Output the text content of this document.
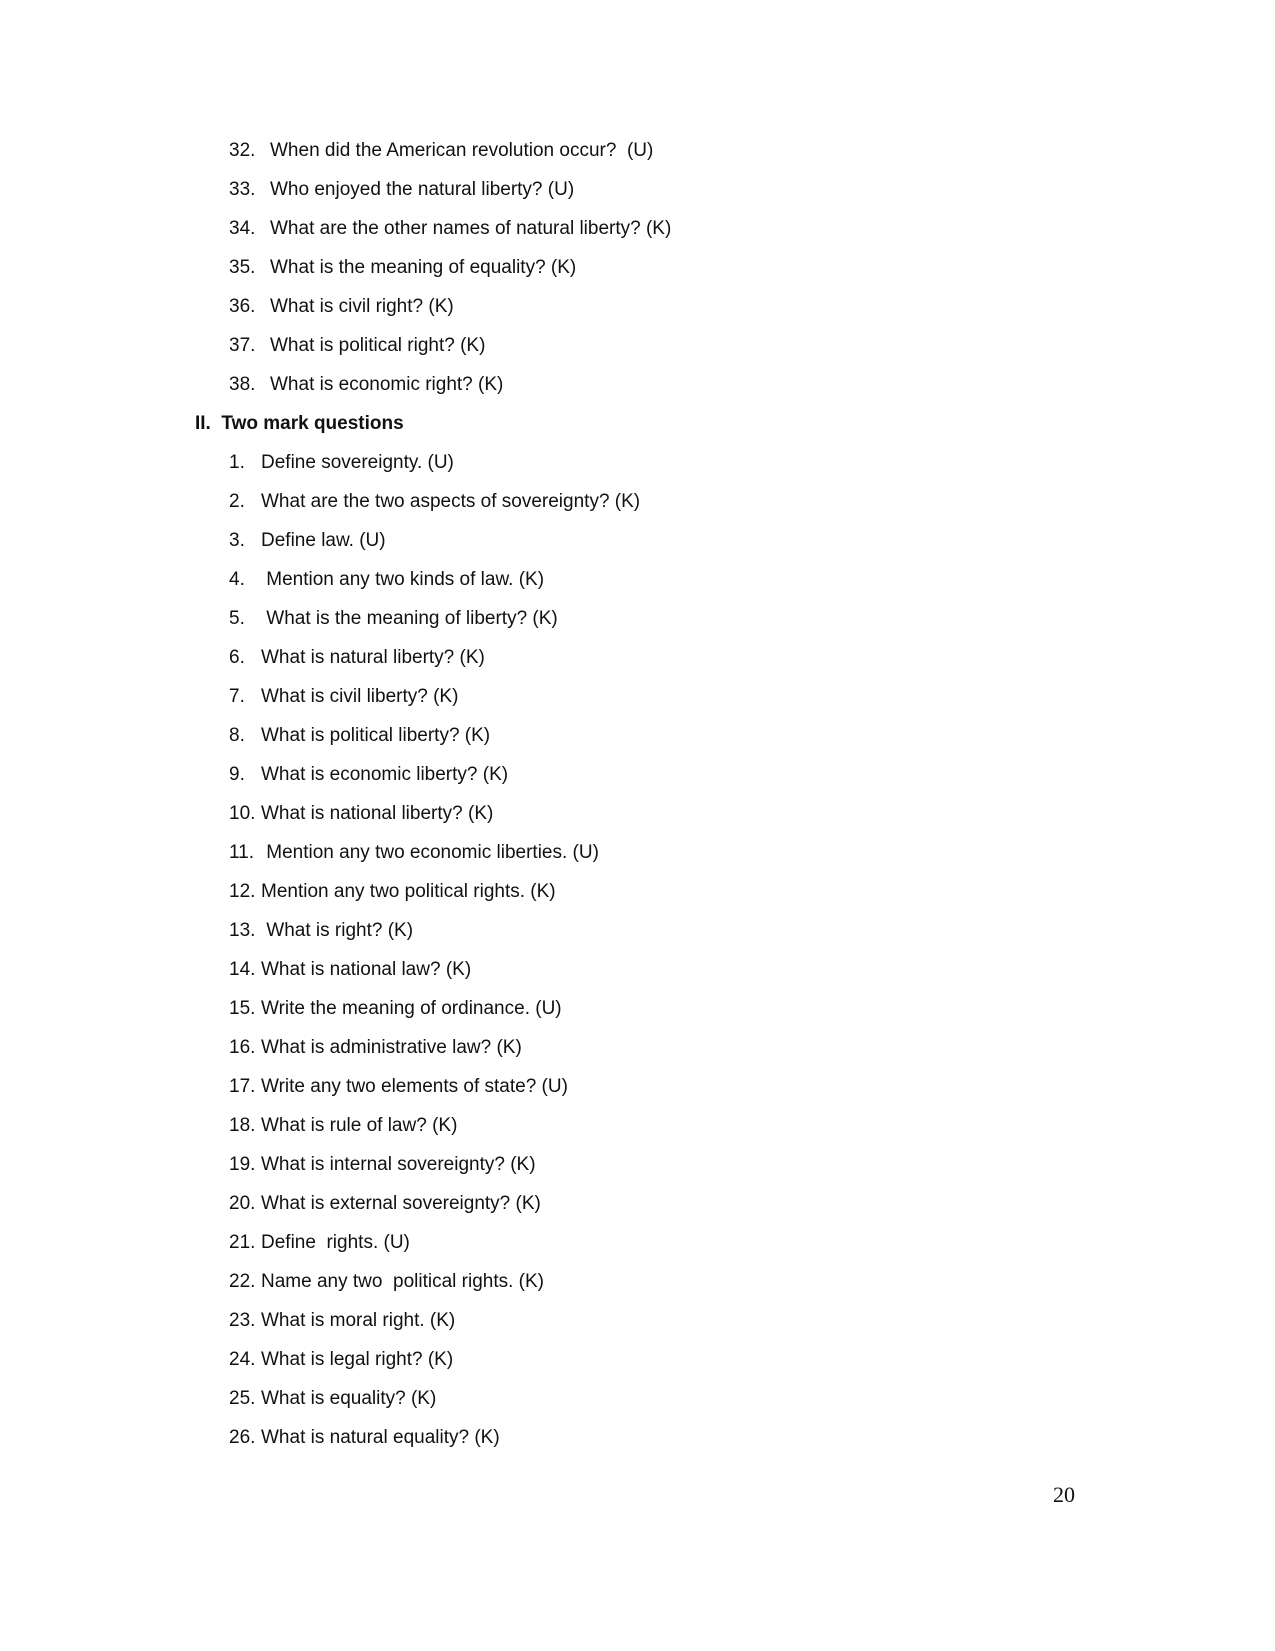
32. When did the American revolution occur?  (U)
33. Who enjoyed the natural liberty? (U)
34. What are the other names of natural liberty? (K)
35. What is the meaning of equality? (K)
36. What is civil right? (K)
37. What is political right? (K)
38. What is economic right? (K)
II.  Two mark questions
1. Define sovereignty. (U)
2. What are the two aspects of sovereignty? (K)
3. Define law. (U)
4. Mention any two kinds of law. (K)
5. What is the meaning of liberty? (K)
6. What is natural liberty? (K)
7. What is civil liberty? (K)
8. What is political liberty? (K)
9. What is economic liberty? (K)
10. What is national liberty? (K)
11. Mention any two economic liberties. (U)
12. Mention any two political rights. (K)
13. What is right? (K)
14. What is national law? (K)
15. Write the meaning of ordinance. (U)
16. What is administrative law? (K)
17. Write any two elements of state? (U)
18. What is rule of law? (K)
19. What is internal sovereignty? (K)
20. What is external sovereignty? (K)
21. Define  rights. (U)
22. Name any two  political rights. (K)
23. What is moral right. (K)
24. What is legal right? (K)
25. What is equality? (K)
26. What is natural equality? (K)
20
